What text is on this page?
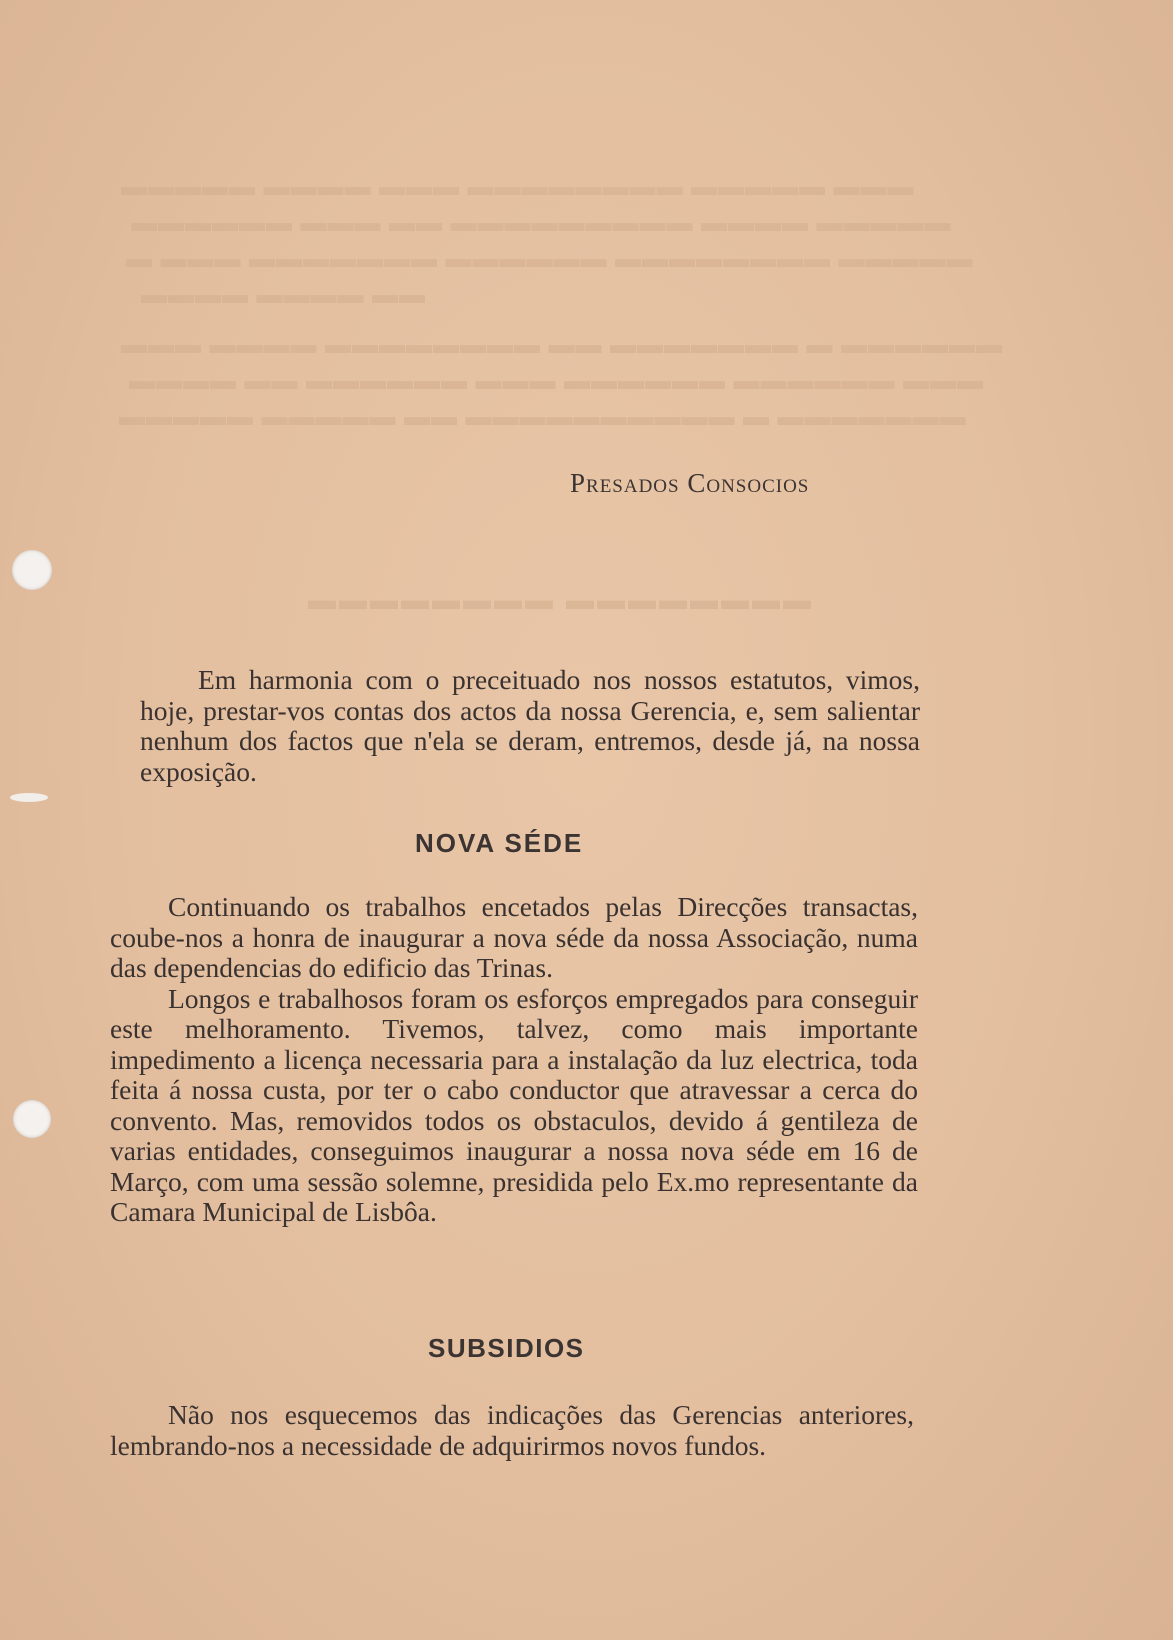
▬▬▬ ▬▬▬▬▬ ▬▬▬▬▬▬▬▬ ▬▬▬ ▬▬▬▬ ▬▬▬▬▬
▬▬▬▬▬ ▬▬▬▬ ▬▬▬▬▬▬▬▬▬ ▬▬ ▬▬▬ ▬▬▬▬▬▬
▬▬▬▬▬ ▬▬▬▬▬▬▬▬ ▬▬▬▬▬▬ ▬▬▬▬▬▬▬ ▬▬▬ ▬
▬▬ ▬▬▬▬ ▬▬▬▬
▬▬▬▬▬▬ ▬ ▬▬▬▬▬▬▬ ▬▬ ▬▬▬▬▬▬▬▬ ▬▬▬▬ ▬▬▬
▬▬▬ ▬▬▬▬▬▬ ▬▬▬▬▬▬ ▬▬▬ ▬▬▬▬▬▬ ▬▬ ▬▬▬▬
▬▬▬▬▬▬▬ ▬ ▬▬▬▬▬▬▬▬▬▬ ▬▬ ▬▬▬▬▬ ▬▬▬▬▬
▬▬▬▬▬▬▬▬ ▬▬▬▬▬▬▬▬
Presados Consocios

Em harmonia com o preceituado nos nossos estatutos, vimos, hoje, prestar-vos contas dos actos da nossa Gerencia, e, sem salientar nenhum dos factos que n'ela se deram, entremos, desde já, na nossa exposição.

NOVA SÉDE

Continuando os trabalhos encetados pelas Direcções transactas, coube-nos a honra de inaugurar a nova séde da nossa Associação, numa das dependencias do edificio das Trinas.

Longos e trabalhosos foram os esforços empregados para conseguir este melhoramento. Tivemos, talvez, como mais importante impedimento a licença necessaria para a instalação da luz electrica, toda feita á nossa custa, por ter o cabo conductor que atravessar a cerca do convento. Mas, removidos todos os obstaculos, devido á gentileza de varias entidades, conseguimos inaugurar a nossa nova séde em 16 de Março, com uma sessão solemne, presidida pelo Ex.mo representante da Camara Municipal de Lisbôa.

SUBSIDIOS

Não nos esquecemos das indicações das Gerencias anteriores, lembrando-nos a necessidade de adquirirmos novos fundos.
